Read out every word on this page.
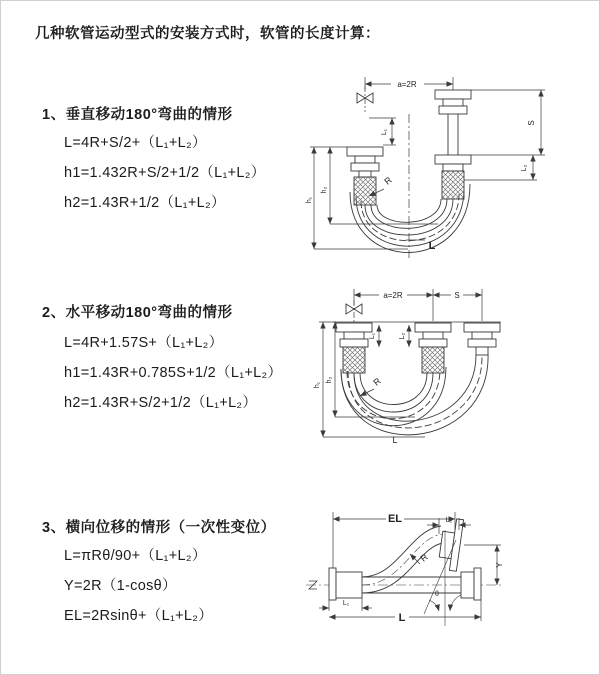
几种软管运动型式的安装方式时，软管的长度计算：
1、垂直移动180°弯曲的情形
L=4R+S/2+（L₁+L₂）
h1=1.432R+S/2+1/2（L₁+L₂）
h2=1.43R+1/2（L₁+L₂）
2、水平移动180°弯曲的情形
L=4R+1.57S+（L₁+L₂）
h1=1.43R+0.785S+1/2（L₁+L₂）
h2=1.43R+S/2+1/2（L₁+L₂）
3、横向位移的情形（一次性变位）
L=πRθ/90+（L₁+L₂）
Y=2R（1-cosθ）
EL=2Rsinθ+（L₁+L₂）
a=2R
S
L₂
L₁
h₁
h₂
R
L
a=2R	S
L₁	L₂
h₁
h₂	R
L
EL	L₂
Y
R
θ
L₁
L
